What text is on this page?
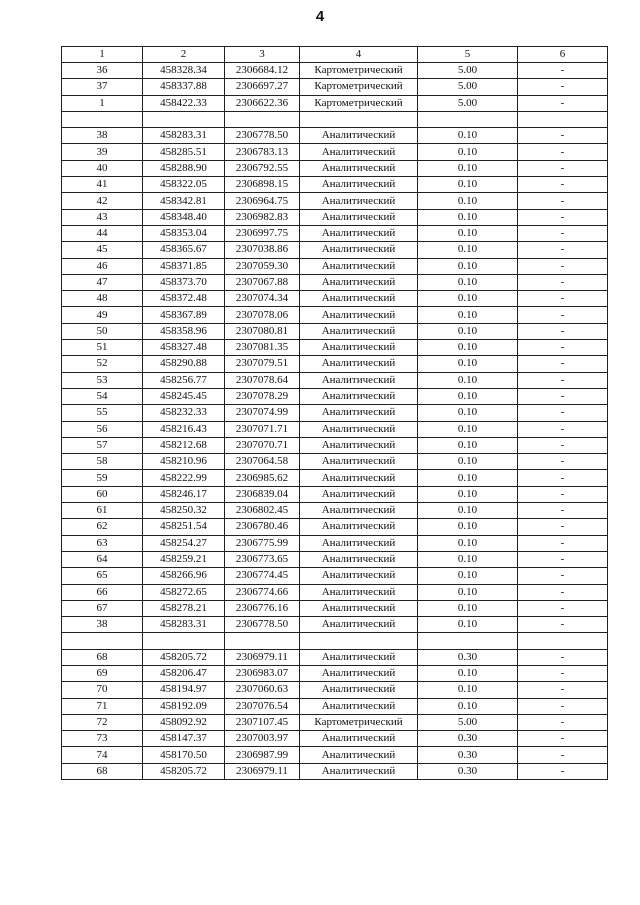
4
1	2	3	4	5	6
36	458328.34	2306684.12	Картометрический	5.00	-
37	458337.88	2306697.27	Картометрический	5.00	-
1	458422.33	2306622.36	Картометрический	5.00	-

38	458283.31	2306778.50	Аналитический	0.10	-
39	458285.51	2306783.13	Аналитический	0.10	-
40	458288.90	2306792.55	Аналитический	0.10	-
41	458322.05	2306898.15	Аналитический	0.10	-
42	458342.81	2306964.75	Аналитический	0.10	-
43	458348.40	2306982.83	Аналитический	0.10	-
44	458353.04	2306997.75	Аналитический	0.10	-
45	458365.67	2307038.86	Аналитический	0.10	-
46	458371.85	2307059.30	Аналитический	0.10	-
47	458373.70	2307067.88	Аналитический	0.10	-
48	458372.48	2307074.34	Аналитический	0.10	-
49	458367.89	2307078.06	Аналитический	0.10	-
50	458358.96	2307080.81	Аналитический	0.10	-
51	458327.48	2307081.35	Аналитический	0.10	-
52	458290.88	2307079.51	Аналитический	0.10	-
53	458256.77	2307078.64	Аналитический	0.10	-
54	458245.45	2307078.29	Аналитический	0.10	-
55	458232.33	2307074.99	Аналитический	0.10	-
56	458216.43	2307071.71	Аналитический	0.10	-
57	458212.68	2307070.71	Аналитический	0.10	-
58	458210.96	2307064.58	Аналитический	0.10	-
59	458222.99	2306985.62	Аналитический	0.10	-
60	458246.17	2306839.04	Аналитический	0.10	-
61	458250.32	2306802.45	Аналитический	0.10	-
62	458251.54	2306780.46	Аналитический	0.10	-
63	458254.27	2306775.99	Аналитический	0.10	-
64	458259.21	2306773.65	Аналитический	0.10	-
65	458266.96	2306774.45	Аналитический	0.10	-
66	458272.65	2306774.66	Аналитический	0.10	-
67	458278.21	2306776.16	Аналитический	0.10	-
38	458283.31	2306778.50	Аналитический	0.10	-

68	458205.72	2306979.11	Аналитический	0.30	-
69	458206.47	2306983.07	Аналитический	0.10	-
70	458194.97	2307060.63	Аналитический	0.10	-
71	458192.09	2307076.54	Аналитический	0.10	-
72	458092.92	2307107.45	Картометрический	5.00	-
73	458147.37	2307003.97	Аналитический	0.30	-
74	458170.50	2306987.99	Аналитический	0.30	-
68	458205.72	2306979.11	Аналитический	0.30	-
